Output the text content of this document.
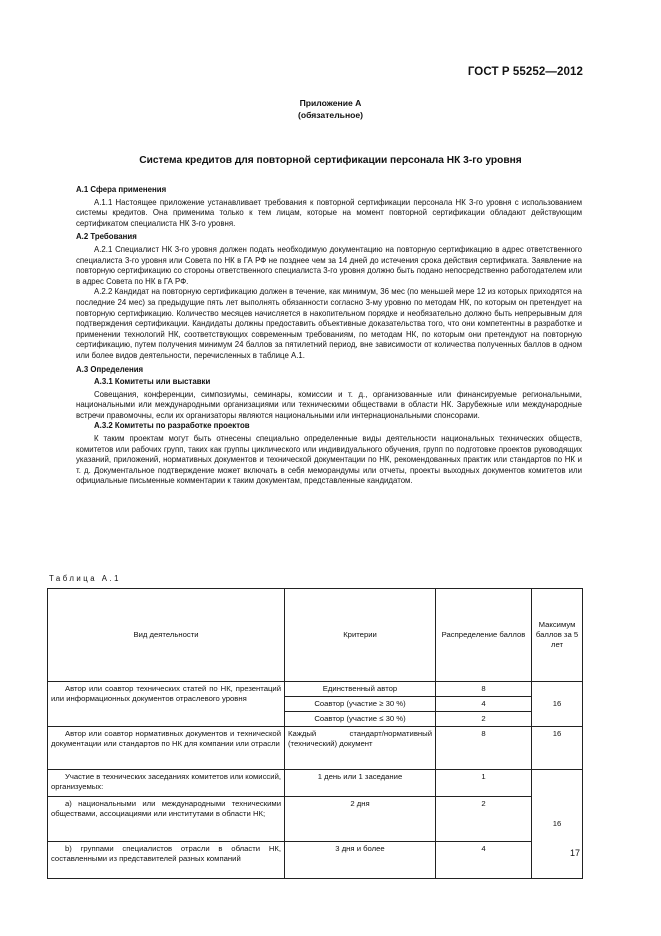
ГОСТ Р 55252—2012
Приложение А
(обязательное)
Система кредитов для повторной сертификации персонала НК 3-го уровня
А.1 Сфера применения

А.1.1 Настоящее приложение устанавливает требования к повторной сертификации персонала НК 3-го уровня с использованием системы кредитов. Она применима только к тем лицам, которые на момент повторной сертификации обладают действующим сертификатом специалиста НК 3-го уровня.

А.2 Требования

А.2.1 Специалист НК 3-го уровня должен подать необходимую документацию на повторную сертификацию в адрес ответственного специалиста 3-го уровня или Совета по НК в ГА РФ не позднее чем за 14 дней до истечения срока действия сертификата. Заявление на повторную сертификацию со стороны ответственного специалиста 3-го уровня должно быть подано непосредственно работодателем или в адрес Совета по НК в ГА РФ.

А.2.2 Кандидат на повторную сертификацию должен в течение, как минимум, 36 мес (по меньшей мере 12 из которых приходятся на последние 24 мес) за предыдущие пять лет выполнять обязанности согласно 3-му уровню по методам НК, по которым он претендует на повторную сертификацию. Количество месяцев начисляется в накопительном порядке и необязательно должно быть непрерывным для подтверждения сертификации. Кандидаты должны предоставить объективные доказательства того, что они компетентны в разработке и применении технологий НК, соответствующих современным требованиям, по методам НК, по которым они претендуют на повторную сертификацию, путем получения минимум 24 баллов за пятилетний период, вне зависимости от количества полученных баллов в одном или более видов деятельности, перечисленных в таблице А.1.

А.3 Определения
А.3.1 Комитеты или выставки

Совещания, конференции, симпозиумы, семинары, комиссии и т. д., организованные или финансируемые региональными, национальными или международными организациями или техническими обществами в области НК. Зарубежные или международные встречи правомочны, если их организаторы являются национальными или интернациональными спонсорами.

А.3.2 Комитеты по разработке проектов

К таким проектам могут быть отнесены специально определенные виды деятельности национальных технических обществ, комитетов или рабочих групп, таких как группы циклического или индивидуального обучения, групп по подготовке проектов руководящих указаний, приложений, нормативных документов и технической документации по НК, рекомендованных практик или стандартов по НК и т. д. Документальное подтверждение может включать в себя меморандумы или отчеты, проекты выходных документов комитетов или официальные письменные комментарии к таким документам, представленные кандидатом.

Таблица А.1
Вид деятельности	Критерии	Распределение баллов	Максимум баллов за 5 лет
Автор или соавтор технических статей по НК, презентаций или информационных документов отраслевого уровня	Единственный автор	8	16
	Соавтор (участие ≥ 30 %)	4	
	Соавтор (участие ≤ 30 %)	2	
Автор или соавтор нормативных документов и технической документации или стандартов по НК для компании или отрасли	Каждый стандарт/нормативный (технический) документ	8	16
Участие в технических заседаниях комитетов или комиссий, организуемых:	1 день или 1 заседание	1	16
а) национальными или международными техническими обществами, ассоциациями или институтами в области НК;	2 дня	2	
b) группами специалистов отрасли в области НК, составленными из представителей разных компаний	3 дня и более	4		17
